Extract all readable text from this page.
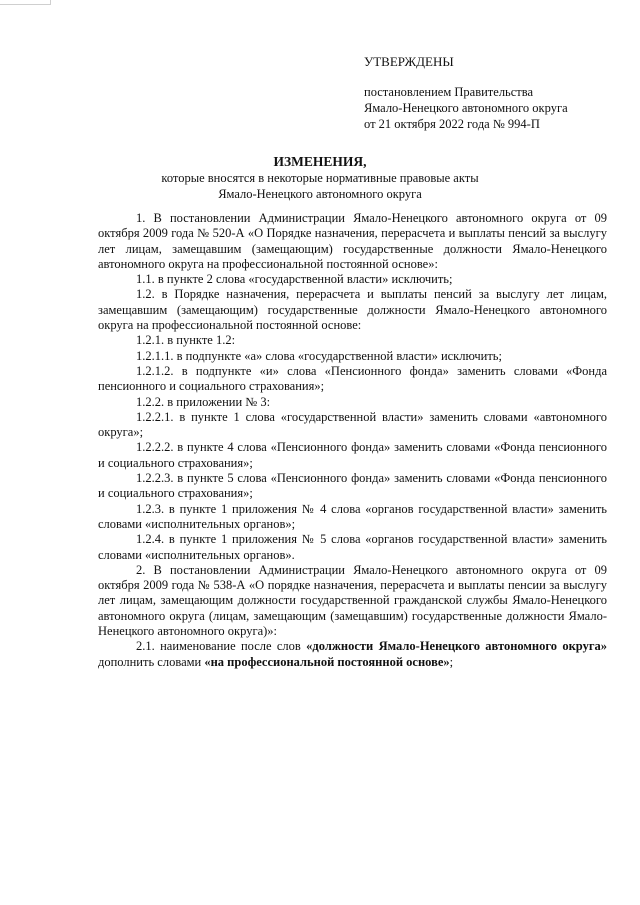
УТВЕРЖДЕНЫ
постановлением Правительства
Ямало-Ненецкого автономного округа
от 21 октября 2022 года № 994-П
ИЗМЕНЕНИЯ,
которые вносятся в некоторые нормативные правовые акты
Ямало-Ненецкого автономного округа

1. В постановлении Администрации Ямало-Ненецкого автономного округа от 09 октября 2009 года № 520-А «О Порядке назначения, перерасчета и выплаты пенсий за выслугу лет лицам, замещавшим (замещающим) государственные должности Ямало-Ненецкого автономного округа на профессиональной постоянной основе»:

1.1. в пункте 2 слова «государственной власти» исключить;

1.2. в Порядке назначения, перерасчета и выплаты пенсий за выслугу лет лицам, замещавшим (замещающим) государственные должности Ямало-Ненецкого автономного округа на профессиональной постоянной основе:

1.2.1. в пункте 1.2:

1.2.1.1. в подпункте «а» слова «государственной власти» исключить;

1.2.1.2. в подпункте «и» слова «Пенсионного фонда» заменить словами «Фонда пенсионного и социального страхования»;

1.2.2. в приложении № 3:

1.2.2.1. в пункте 1 слова «государственной власти» заменить словами «автономного округа»;

1.2.2.2. в пункте 4 слова «Пенсионного фонда» заменить словами «Фонда пенсионного и социального страхования»;

1.2.2.3. в пункте 5 слова «Пенсионного фонда» заменить словами «Фонда пенсионного и социального страхования»;

1.2.3. в пункте 1 приложения № 4 слова «органов государственной власти» заменить словами «исполнительных органов»;

1.2.4. в пункте 1 приложения № 5 слова «органов государственной власти» заменить словами «исполнительных органов».

2. В постановлении Администрации Ямало-Ненецкого автономного округа от 09 октября 2009 года № 538-А «О порядке назначения, перерасчета и выплаты пенсии за выслугу лет лицам, замещающим должности государственной гражданской службы Ямало-Ненецкого автономного округа (лицам, замещающим (замещавшим) государственные должности Ямало-Ненецкого автономного округа)»:

2.1. наименование после слов «должности Ямало-Ненецкого автономного округа» дополнить словами «на профессиональной постоянной основе»;
